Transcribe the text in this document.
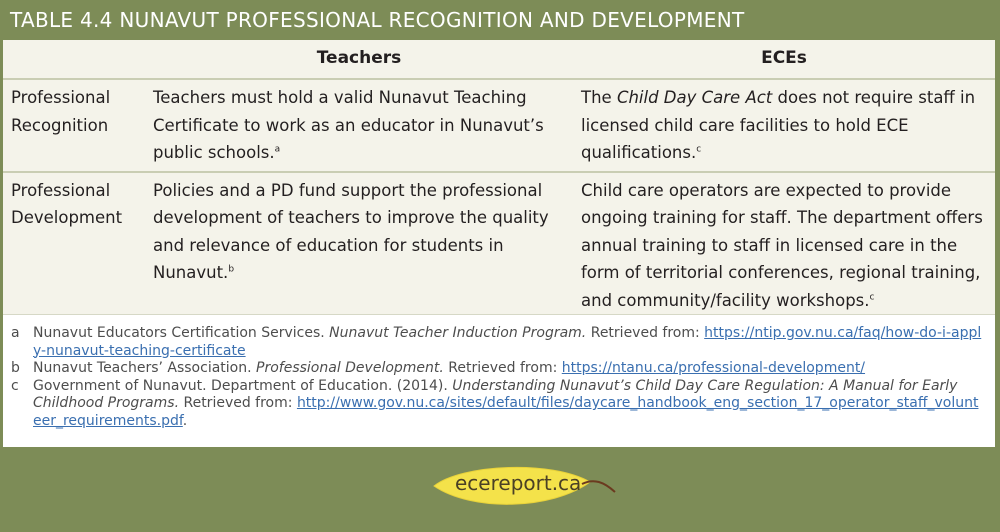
TABLE 4.4 NUNAVUT PROFESSIONAL RECOGNITION AND DEVELOPMENT
	Teachers	ECEs
Professional Recognition	Teachers must hold a valid Nunavut Teaching Certificate to work as an educator in Nunavut’s public schools.$^a$	The Child Day Care Act does not require staff in licensed child care facilities to hold ECE qualifications.$^c$
Professional Development	Policies and a PD fund support the professional development of teachers to improve the quality and relevance of education for students in Nunavut.$^b$	Child care operators are expected to provide ongoing training for staff. The department offers annual training to staff in licensed care in the form of territorial conferences, regional training, and community/facility workshops.$^c$
a Nunavut Educators Certification Services. Nunavut Teacher Induction Program. Retrieved from: https://ntip.gov.nu.ca/faq/how-do-i-apply-nunavut-teaching-certificate
b Nunavut Teachers’ Association. Professional Development. Retrieved from: https://ntanu.ca/professional-development/
c	Government of Nunavut. Department of Education. (2014). Understanding Nunavut’s Child Day Care Regulation: A Manual for Early Childhood Programs. Retrieved from: http://www.gov.nu.ca/sites/default/files/daycare_handbook_eng_section_17_operator_staff_volunteer_requirements.pdf.
ecereport.ca
